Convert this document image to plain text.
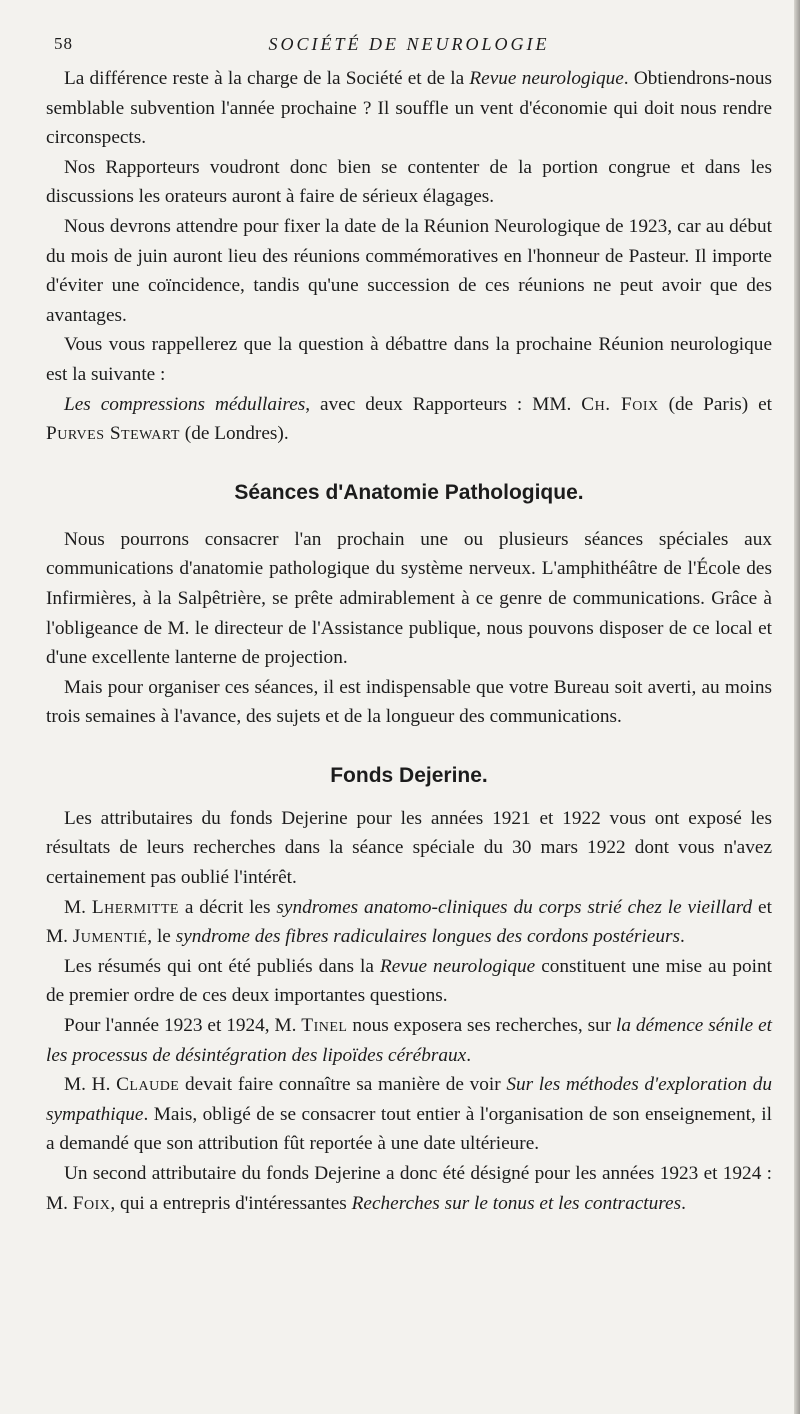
58	SOCIÉTÉ DE NEUROLOGIE

La différence reste à la charge de la Société et de la Revue neurologique. Obtiendrons-nous semblable subvention l'année prochaine ? Il souffle un vent d'économie qui doit nous rendre circonspects.

Nos Rapporteurs voudront donc bien se contenter de la portion congrue et dans les discussions les orateurs auront à faire de sérieux élagages.

Nous devrons attendre pour fixer la date de la Réunion Neurologique de 1923, car au début du mois de juin auront lieu des réunions commémoratives en l'honneur de Pasteur. Il importe d'éviter une coïncidence, tandis qu'une succession de ces réunions ne peut avoir que des avantages.

Vous vous rappellerez que la question à débattre dans la prochaine Réunion neurologique est la suivante :

Les compressions médullaires, avec deux Rapporteurs : MM. Ch. Foix (de Paris) et Purves Stewart (de Londres).

Séances d'Anatomie Pathologique.

Nous pourrons consacrer l'an prochain une ou plusieurs séances spéciales aux communications d'anatomie pathologique du système nerveux. L'amphithéâtre de l'École des Infirmières, à la Salpêtrière, se prête admirablement à ce genre de communications. Grâce à l'obligeance de M. le directeur de l'Assistance publique, nous pouvons disposer de ce local et d'une excellente lanterne de projection.

Mais pour organiser ces séances, il est indispensable que votre Bureau soit averti, au moins trois semaines à l'avance, des sujets et de la longueur des communications.

Fonds Dejerine.

Les attributaires du fonds Dejerine pour les années 1921 et 1922 vous ont exposé les résultats de leurs recherches dans la séance spéciale du 30 mars 1922 dont vous n'avez certainement pas oublié l'intérêt.

M. Lhermitte a décrit les syndromes anatomo-cliniques du corps strié chez le vieillard et M. Jumentié, le syndrome des fibres radiculaires longues des cordons postérieurs.

Les résumés qui ont été publiés dans la Revue neurologique constituent une mise au point de premier ordre de ces deux importantes questions.

Pour l'année 1923 et 1924, M. Tinel nous exposera ses recherches, sur la démence sénile et les processus de désintégration des lipoïdes cérébraux.

M. H. Claude devait faire connaître sa manière de voir Sur les méthodes d'exploration du sympathique. Mais, obligé de se consacrer tout entier à l'organisation de son enseignement, il a demandé que son attribution fût reportée à une date ultérieure.

Un second attributaire du fonds Dejerine a donc été désigné pour les années 1923 et 1924 : M. Foix, qui a entrepris d'intéressantes Recherches sur le tonus et les contractures.
